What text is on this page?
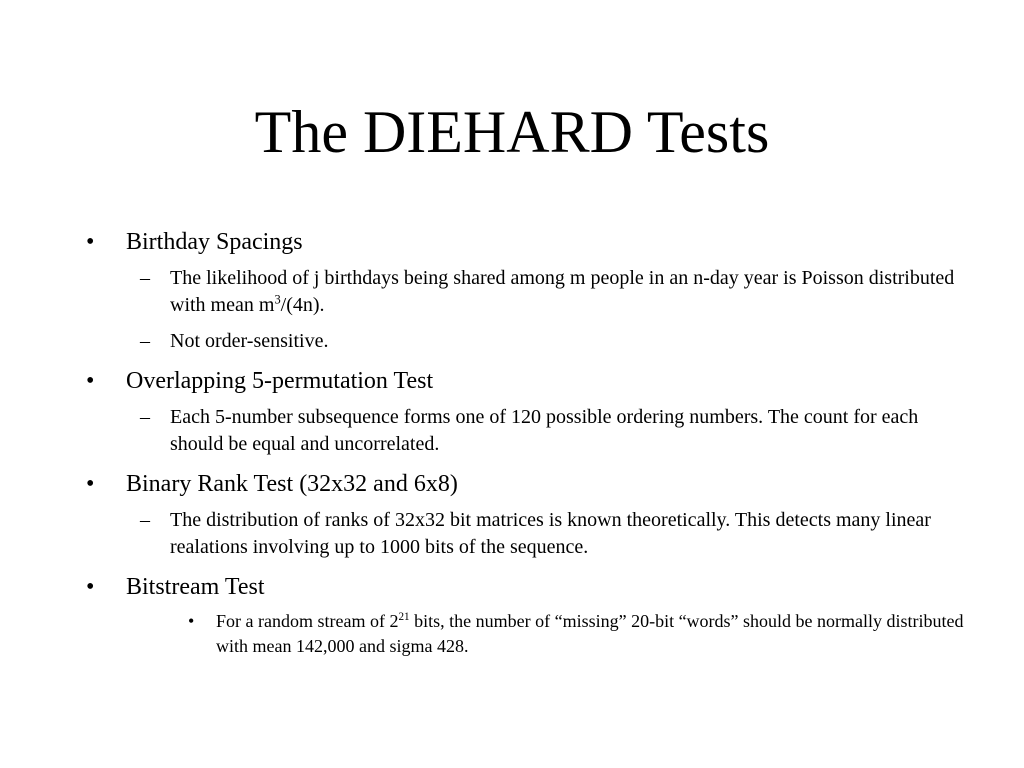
The DIEHARD Tests
•	Birthday Spacings
– The likelihood of j birthdays being shared among m people in an n-day year is Poisson distributed with mean $m^3/(4n)$.
– Not order-sensitive.
•	Overlapping 5-permutation Test
– Each 5-number subsequence forms one of 120 possible ordering numbers. The count for each should be equal and uncorrelated.
•	Binary Rank Test (32x32 and 6x8)
– The distribution of ranks of 32x32 bit matrices is known theoretically. This detects many linear realations involving up to 1000 bits of the sequence.
•	Bitstream Test
• For a random stream of $2^{21}$ bits, the number of “missing” 20-bit “words” should be normally distributed with mean 142,000 and sigma 428.
